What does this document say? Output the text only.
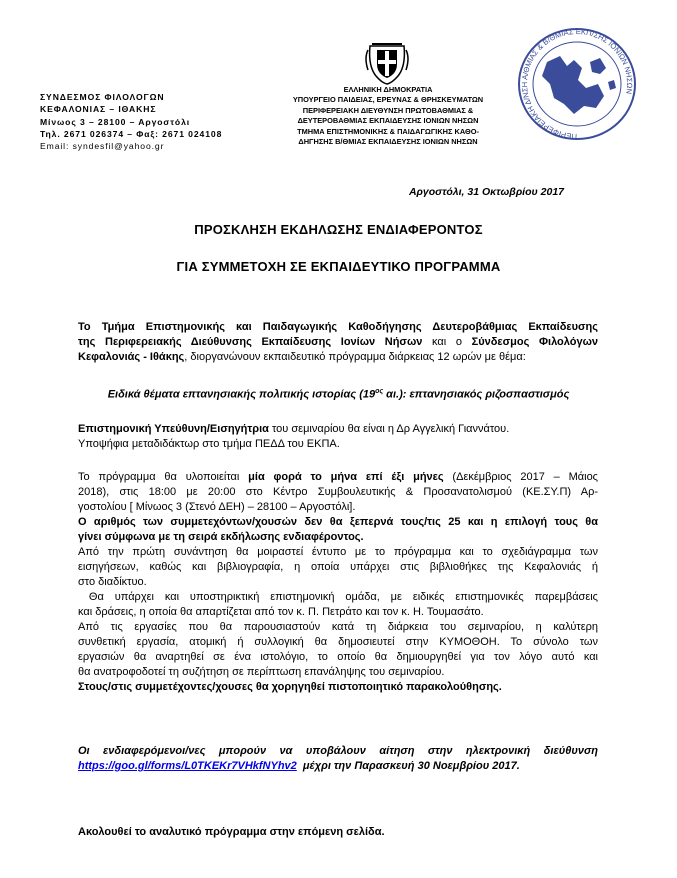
ΣΥΝΔΕΣΜΟΣ ΦΙΛΟΛΟΓΩΝ
ΚΕΦΑΛΟΝΙΑΣ – ΙΘΑΚΗΣ
Μίνωος 3 – 28100 – Αργοστόλι
Τηλ. 2671 026374 – Φαξ: 2671 024108
Email: syndesfil@yahoo.gr
ΕΛΛΗΝΙΚΗ ΔΗΜΟΚΡΑΤΙΑ
ΥΠΟΥΡΓΕΙΟ ΠΑΙΔΕΙΑΣ, ΕΡΕΥΝΑΣ & ΘΡΗΣΚΕΥΜΑΤΩΝ
ΠΕΡΙΦΕΡΕΙΑΚΗ ΔΙΕΥΘΥΝΣΗ ΠΡΩΤΟΒΑΘΜΙΑΣ &
ΔΕΥΤΕΡΟΒΑΘΜΙΑΣ ΕΚΠΑΙΔΕΥΣΗΣ ΙΟΝΙΩΝ ΝΗΣΩΝ
ΤΜΗΜΑ ΕΠΙΣΤΗΜΟΝΙΚΗΣ & ΠΑΙΔΑΓΩΓΙΚΗΣ ΚΑΘΟ-
ΔΗΓΗΣΗΣ Β/ΘΜΙΑΣ ΕΚΠΑΙΔΕΥΣΗΣ ΙΟΝΙΩΝ ΝΗΣΩΝ
ΠΕΡΙΦΕΡΕΙΑΚΗ Δ/ΝΣΗ Α/ΘΜΙΑΣ & Β/ΘΜΙΑΣ ΕΚΠ/ΣΗΣ ΙΟΝΙΩΝ ΝΗΣΩΝ
Αργοστόλι, 31 Οκτωβρίου 2017
ΠΡΟΣΚΛΗΣΗ ΕΚΔΗΛΩΣΗΣ ΕΝΔΙΑΦΕΡΟΝΤΟΣ
ΓΙΑ ΣΥΜΜΕΤΟΧΗ ΣΕ ΕΚΠΑΙΔΕΥΤΙΚΟ ΠΡΟΓΡΑΜΜΑ
Το Τμήμα Επιστημονικής και Παιδαγωγικής Καθοδήγησης Δευτεροβάθμιας Εκπαίδευσης
της Περιφερειακής Διεύθυνσης Εκπαίδευσης Ιονίων Νήσων και ο Σύνδεσμος Φιλολόγων
Κεφαλονιάς - Ιθάκης, διοργανώνουν εκπαιδευτικό πρόγραμμα διάρκειας 12 ωρών με θέμα:
Ειδικά θέματα επτανησιακής πολιτικής ιστορίας ($19^{o\varsigma}$ αι.): επτανησιακός ριζοσπαστισμός
Επιστημονική Υπεύθυνη/Εισηγήτρια του σεμιναρίου θα είναι η Δρ Αγγελική Γιαννάτου.
Υποψήφια μεταδιδάκτωρ στο τμήμα ΠΕΔΔ του ΕΚΠΑ.
Το πρόγραμμα θα υλοποιείται μία φορά το μήνα επί έξι μήνες (Δεκέμβριος 2017 – Μάιος
2018), στις 18:00 με 20:00 στο Κέντρο Συμβουλευτικής & Προσανατολισμού (ΚΕ.ΣΥ.Π) Αρ-
γοστολίου [ Μίνωος 3 (Στενό ΔΕΗ) – 28100 – Αργοστόλι].
Ο αριθμός των συμμετεχόντων/χουσών δεν θα ξεπερνά τους/τις 25 και η επιλογή τους θα
γίνει σύμφωνα με τη σειρά εκδήλωσης ενδιαφέροντος.
Από την πρώτη συνάντηση θα μοιραστεί έντυπο με το πρόγραμμα και το σχεδιάγραμμα των
εισηγήσεων, καθώς και βιβλιογραφία, η οποία υπάρχει στις βιβλιοθήκες της Κεφαλονιάς ή
στο διαδίκτυο.
Θα υπάρχει και υποστηρικτική επιστημονική ομάδα, με ειδικές επιστημονικές παρεμβάσεις
και δράσεις, η οποία θα απαρτίζεται από τον κ. Π. Πετράτο και τον κ. Η. Τουμασάτο.
Από τις εργασίες που θα παρουσιαστούν κατά τη διάρκεια του σεμιναρίου, η καλύτερη
συνθετική εργασία, ατομική ή συλλογική θα δημοσιευτεί στην ΚΥΜΟΘΟΗ. Το σύνολο των
εργασιών θα αναρτηθεί σε ένα ιστολόγιο, το οποίο θα δημιουργηθεί για τον λόγο αυτό και
θα ανατροφοδοτεί τη συζήτηση σε περίπτωση επανάληψης του σεμιναρίου.
Στους/στις συμμετέχοντες/χουσες θα χορηγηθεί πιστοποιητικό παρακολούθησης.
Οι ενδιαφερόμενοι/νες μπορούν να υποβάλουν αίτηση στην ηλεκτρονική διεύθυνση
https://goo.gl/forms/L0TKEKr7VHkfNYhv2  μέχρι την Παρασκευή 30 Νοεμβρίου 2017.
Ακολουθεί το αναλυτικό πρόγραμμα στην επόμενη σελίδα.
